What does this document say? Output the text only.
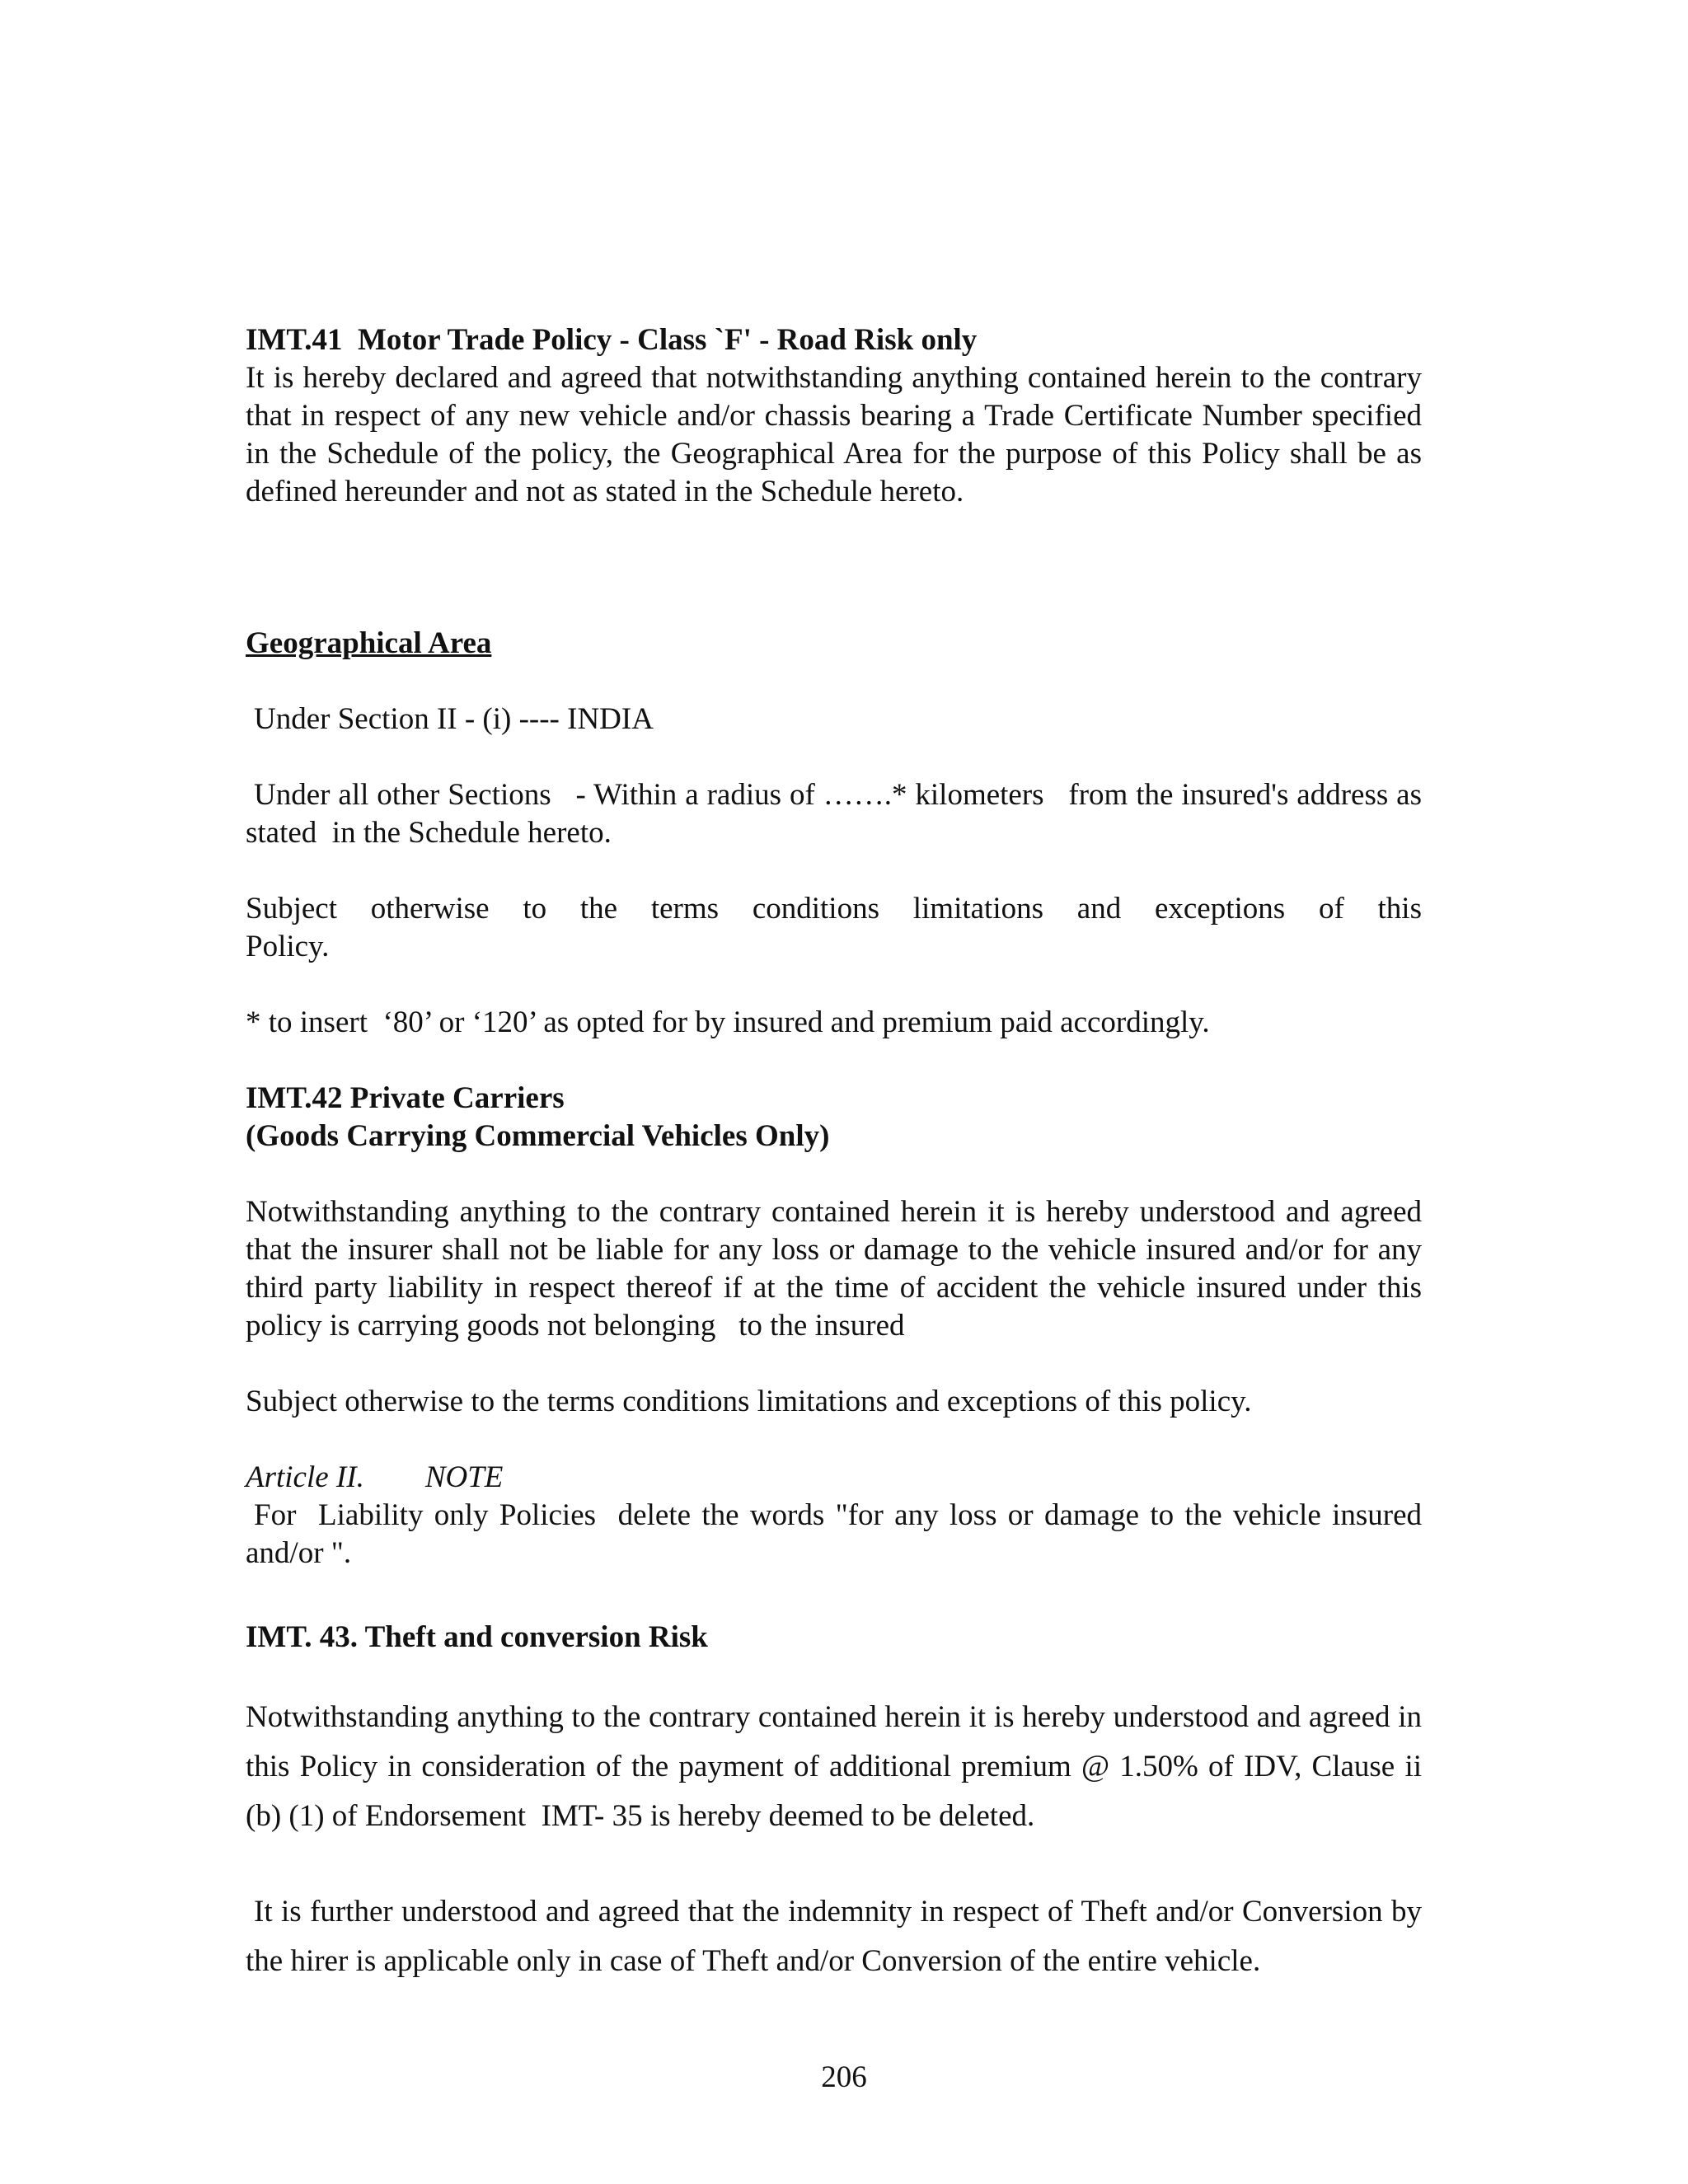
IMT.41  Motor Trade Policy - Class `F' - Road Risk only

It is hereby declared and agreed that notwithstanding anything contained herein to the contrary that in respect of any new vehicle and/or chassis bearing a Trade Certificate Number specified in the Schedule of the policy, the Geographical Area for the purpose of this Policy shall be as defined hereunder and not as stated in the Schedule hereto.

Geographical Area

Under Section II - (i) ---- INDIA

Under all other Sections   - Within a radius of …….* kilometers   from the insured's address as stated  in the Schedule hereto.

Subject otherwise to the terms conditions limitations and exceptions of this Policy.

* to insert  ‘80’ or ‘120’ as opted for by insured and premium paid accordingly.

IMT.42 Private Carriers

(Goods Carrying Commercial Vehicles Only)

Notwithstanding anything to the contrary contained herein it is hereby understood and agreed that the insurer shall not be liable for any loss or damage to the vehicle insured and/or for any third party liability in respect thereof if at the time of accident the vehicle insured under this policy is carrying goods not belonging   to the insured

Subject otherwise to the terms conditions limitations and exceptions of this policy.

Article II.        NOTE

For  Liability only Policies  delete the words "for any loss or damage to the vehicle insured and/or ".

IMT. 43. Theft and conversion Risk

Notwithstanding anything to the contrary contained herein it is hereby understood and agreed in this Policy in consideration of the payment of additional premium @ 1.50% of IDV, Clause ii (b) (1) of Endorsement  IMT- 35 is hereby deemed to be deleted.

It is further understood and agreed that the indemnity in respect of Theft and/or Conversion by the hirer is applicable only in case of Theft and/or Conversion of the entire vehicle.

206
